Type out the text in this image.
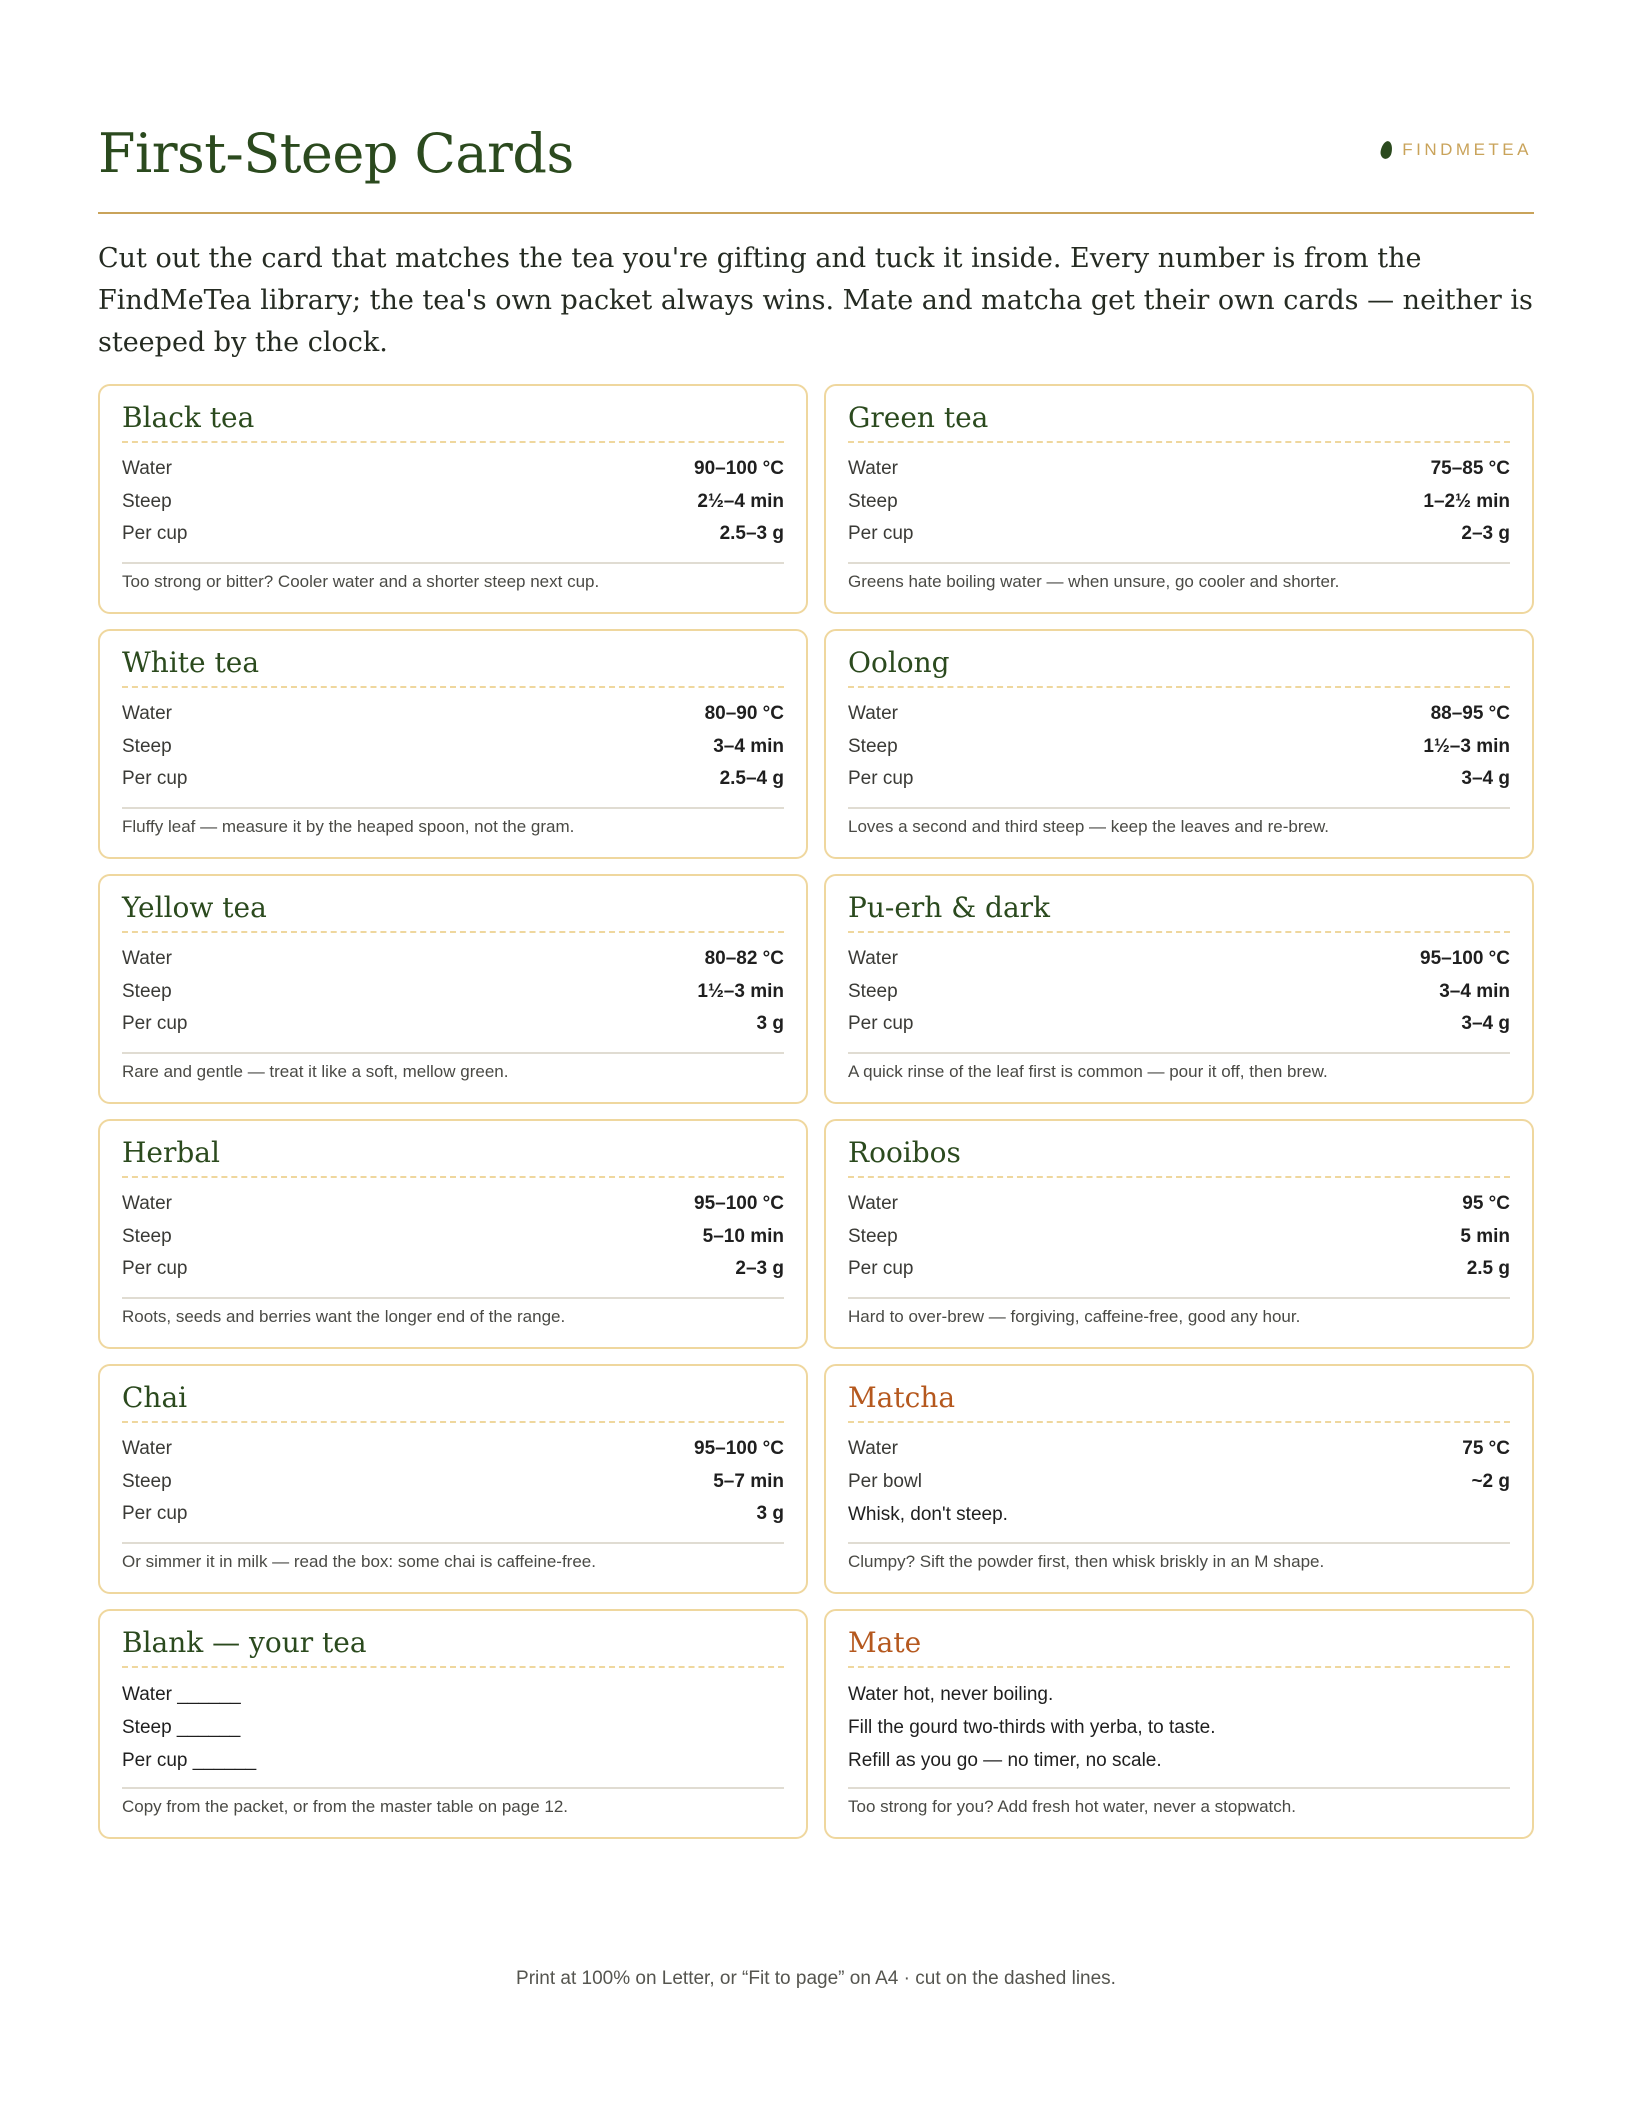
First-Steep Cards	FINDMETEA

Cut out the card that matches the tea you're gifting and tuck it inside. Every number is from the FindMeTea library; the tea's own packet always wins. Mate and matcha get their own cards — neither is steeped by the clock.

Black tea
Water	90–100 °C
Steep	2½–4 min
Per cup	2.5–3 g
Too strong or bitter? Cooler water and a shorter steep next cup.
Green tea
Water	75–85 °C
Steep	1–2½ min
Per cup	2–3 g
Greens hate boiling water — when unsure, go cooler and shorter.
White tea
Water	80–90 °C
Steep	3–4 min
Per cup	2.5–4 g
Fluffy leaf — measure it by the heaped spoon, not the gram.
Oolong
Water	88–95 °C
Steep	1½–3 min
Per cup	3–4 g
Loves a second and third steep — keep the leaves and re-brew.
Yellow tea
Water	80–82 °C
Steep	1½–3 min
Per cup	3 g
Rare and gentle — treat it like a soft, mellow green.
Pu-erh & dark
Water	95–100 °C
Steep	3–4 min
Per cup	3–4 g
A quick rinse of the leaf first is common — pour it off, then brew.
Herbal
Water	95–100 °C
Steep	5–10 min
Per cup	2–3 g
Roots, seeds and berries want the longer end of the range.
Rooibos
Water	95 °C
Steep	5 min
Per cup	2.5 g
Hard to over-brew — forgiving, caffeine-free, good any hour.
Chai
Water	95–100 °C
Steep	5–7 min
Per cup	3 g
Or simmer it in milk — read the box: some chai is caffeine-free.
Matcha
Water	75 °C
Per bowl	~2 g
Whisk, don't steep.
Clumpy? Sift the powder first, then whisk briskly in an M shape.
Blank — your tea
Water ______
Steep ______
Per cup ______
Copy from the packet, or from the master table on page 12.
Mate
Water hot, never boiling.
Fill the gourd two-thirds with yerba, to taste.
Refill as you go — no timer, no scale.
Too strong for you? Add fresh hot water, never a stopwatch.
Print at 100% on Letter, or “Fit to page” on A4 · cut on the dashed lines.
